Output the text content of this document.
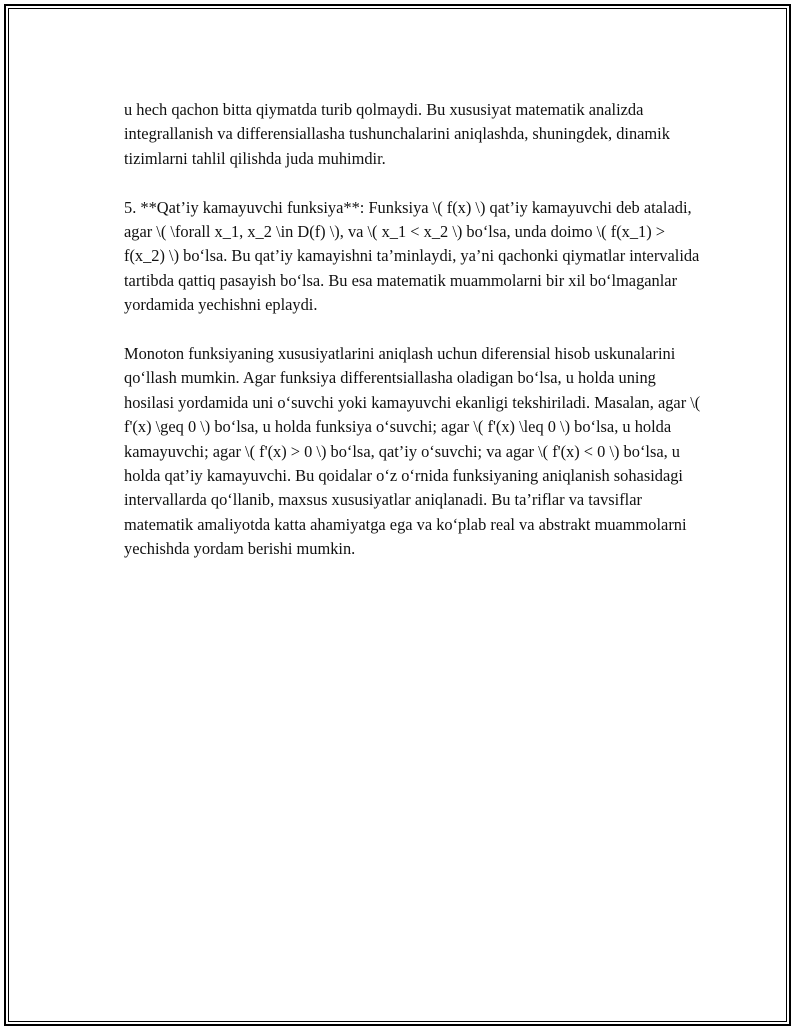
u hech qachon bitta qiymatda turib qolmaydi. Bu xususiyat matematik analizda integrallanish va differensiallasha tushunchalarini aniqlashda, shuningdek, dinamik tizimlarni tahlil qilishda juda muhimdir.

5. **Qat’iy kamayuvchi funksiya**: Funksiya \( f(x) \) qat’iy kamayuvchi deb ataladi, agar \( \forall x_1, x_2 \in D(f) \), va \( x_1 < x_2 \) bo‘lsa, unda doimo \( f(x_1) > f(x_2) \) bo‘lsa. Bu qat’iy kamayishni ta’minlaydi, ya’ni qachonki qiymatlar intervalida tartibda qattiq pasayish bo‘lsa. Bu esa matematik muammolarni bir xil bo‘lmaganlar yordamida yechishni eplaydi.

Monoton funksiyaning xususiyatlarini aniqlash uchun diferensial hisob uskunalarini qo‘llash mumkin. Agar funksiya differentsiallasha oladigan bo‘lsa, u holda uning hosilasi yordamida uni o‘suvchi yoki kamayuvchi ekanligi tekshiriladi. Masalan, agar \( f'(x) \geq 0 \) bo‘lsa, u holda funksiya o‘suvchi; agar \( f'(x) \leq 0 \) bo‘lsa, u holda kamayuvchi; agar \( f'(x) > 0 \) bo‘lsa, qat’iy o‘suvchi; va agar \( f'(x) < 0 \) bo‘lsa, u holda qat’iy kamayuvchi. Bu qoidalar o‘z o‘rnida funksiyaning aniqlanish sohasidagi intervallarda qo‘llanib, maxsus xususiyatlar aniqlanadi. Bu ta’riflar va tavsiflar matematik amaliyotda katta ahamiyatga ega va ko‘plab real va abstrakt muammolarni yechishda yordam berishi mumkin.
